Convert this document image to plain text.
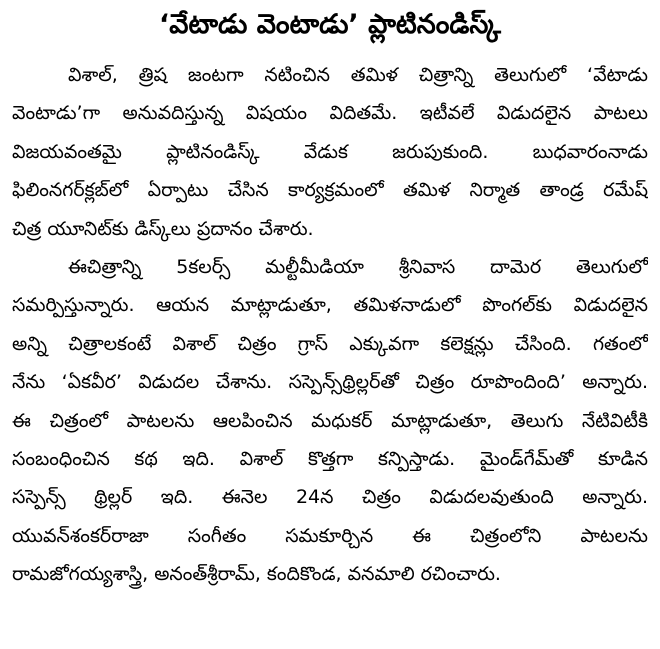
‘వేటాడు వెంటాడు’ ప్లాటినండిస్క్

విశాల్, త్రిష జంటగా నటించిన తమిళ చిత్రాన్ని తెలుగులో ‘వేటాడు
వెంటాడు’గా అనువదిస్తున్న విషయం విదితమే. ఇటీవలే విడుదలైన పాటలు
విజయవంతమై ప్లాటినండిస్క్ వేడుక జరుపుకుంది. బుధవారంనాడు
ఫిలింనగర్‌క్లబ్‌లో ఏర్పాటు చేసిన కార్యక్రమంలో తమిళ నిర్మాత తాండ్ర రమేష్
చిత్ర యూనిట్‌కు డిస్క్‌లు ప్రదానం చేశారు.

ఈచిత్రాన్ని 5కలర్స్ మల్టీమీడియా శ్రీనివాస దామెర తెలుగులో
సమర్పిస్తున్నారు. ఆయన మాట్లాడుతూ, తమిళనాడులో పొంగల్‌కు విడుదలైన
అన్ని చిత్రాలకంటే విశాల్ చిత్రం గ్రాస్ ఎక్కువగా కలెక్షన్లు చేసింది. గతంలో
నేను ‘ఏకవీర’ విడుదల చేశాను. సస్పెన్స్‌థ్రిల్లర్‌తో చిత్రం రూపొందింది’ అన్నారు.
ఈ చిత్రంలో పాటలను ఆలపించిన మధుకర్ మాట్లాడుతూ, తెలుగు నేటివిటీకి
సంబంధించిన కథ ఇది. విశాల్ కొత్తగా కన్పిస్తాడు. మైండ్‌గేమ్‌తో కూడిన
సస్పెన్స్ థ్రిల్లర్ ఇది. ఈనెల 24న చిత్రం విడుదలవుతుంది అన్నారు.
యువన్‌శంకర్‌రాజా సంగీతం సమకూర్చిన ఈ చిత్రంలోని పాటలను
రామజోగయ్యశాస్త్రి, అనంత్‌శ్రీరామ్, కందికొండ, వనమాలి రచించారు.
